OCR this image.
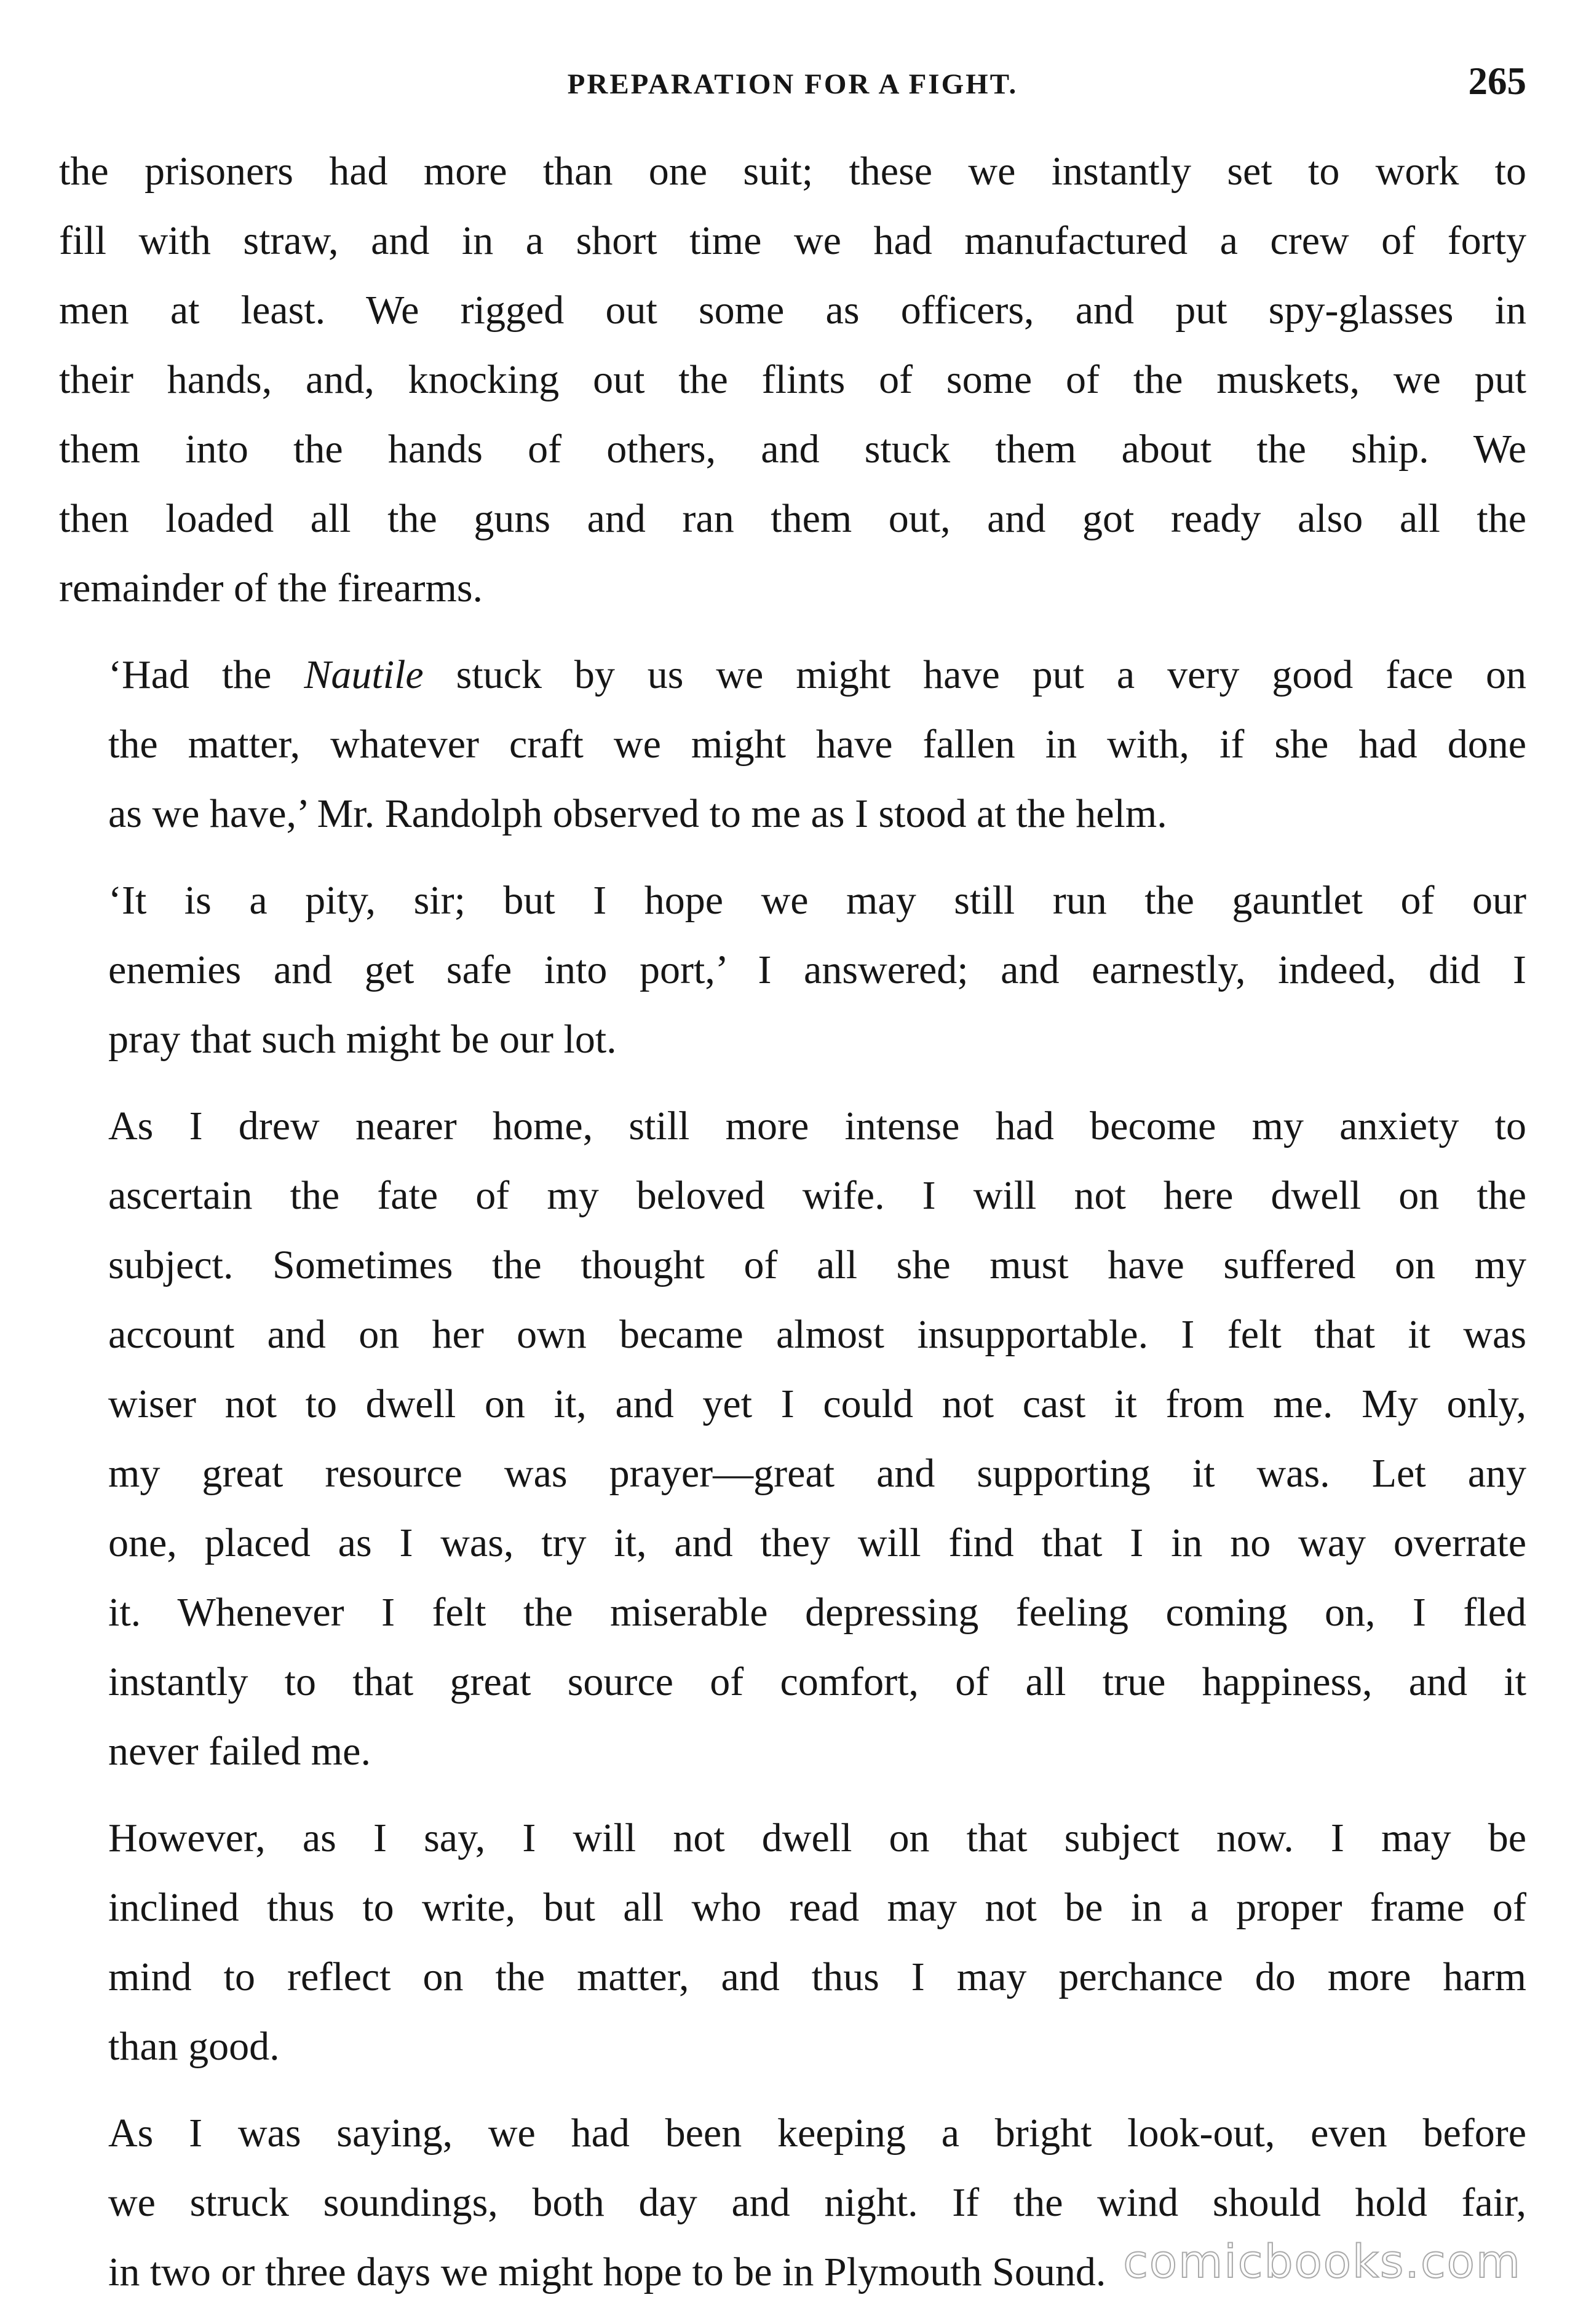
PREPARATION FOR A FIGHT.	265

the prisoners had more than one suit; these we instantly set to work to
fill with straw, and in a short time we had manufactured a crew of forty
men at least. We rigged out some as officers, and put spy-glasses in
their hands, and, knocking out the flints of some of the muskets, we put
them into the hands of others, and stuck them about the ship. We
then loaded all the guns and ran them out, and got ready also all the
remainder of the firearms.

‘Had the Nautile stuck by us we might have put a very good face on
the matter, whatever craft we might have fallen in with, if she had done
as we have,’ Mr. Randolph observed to me as I stood at the helm.

‘It is a pity, sir; but I hope we may still run the gauntlet of our
enemies and get safe into port,’ I answered; and earnestly, indeed, did I
pray that such might be our lot.

As I drew nearer home, still more intense had become my anxiety to
ascertain the fate of my beloved wife. I will not here dwell on the
subject. Sometimes the thought of all she must have suffered on my
account and on her own became almost insupportable. I felt that it was
wiser not to dwell on it, and yet I could not cast it from me. My only,
my great resource was prayer—great and supporting it was. Let any
one, placed as I was, try it, and they will find that I in no way overrate
it. Whenever I felt the miserable depressing feeling coming on, I fled
instantly to that great source of comfort, of all true happiness, and it
never failed me.

However, as I say, I will not dwell on that subject now. I may be
inclined thus to write, but all who read may not be in a proper frame of
mind to reflect on the matter, and thus I may perchance do more harm
than good.

As I was saying, we had been keeping a bright look-out, even before
we struck soundings, both day and night. If the wind should hold fair,
in two or three days we might hope to be in Plymouth Sound. comicbooks.com
